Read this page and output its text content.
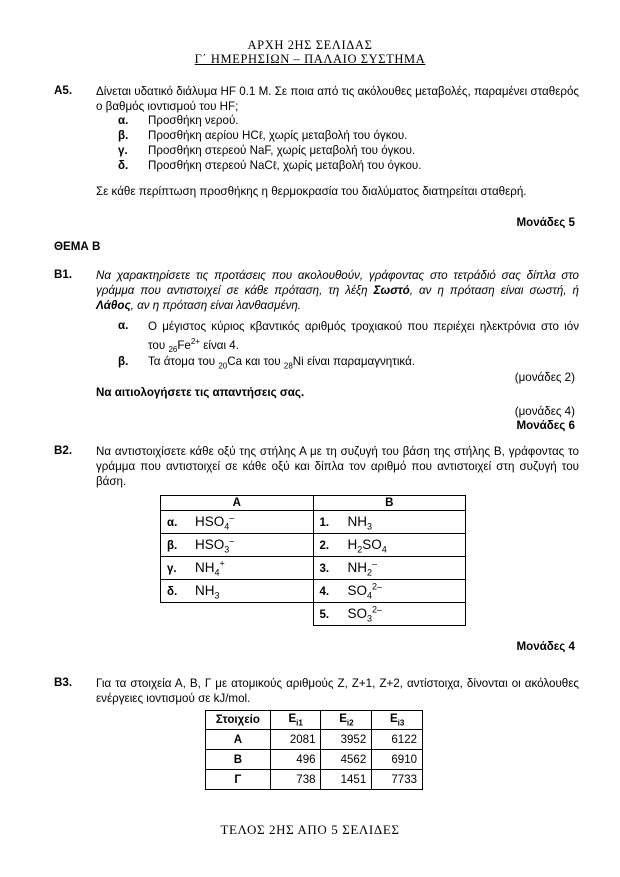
ΑΡΧΗ 2ΗΣ ΣΕΛΙΔΑΣ
Γ΄ ΗΜΕΡΗΣΙΩΝ – ΠΑΛΑΙΟ ΣΥΣΤΗΜΑ
Α5. Δίνεται υδατικό διάλυμα HF 0.1 M. Σε ποια από τις ακόλουθες μεταβολές, παραμένει σταθερός ο βαθμός ιοντισμού του HF;
α. Προσθήκη νερού.
β. Προσθήκη αερίου HCℓ, χωρίς μεταβολή του όγκου.
γ. Προσθήκη στερεού NaF, χωρίς μεταβολή του όγκου.
δ. Προσθήκη στερεού NaCℓ, χωρίς μεταβολή του όγκου.
Σε κάθε περίπτωση προσθήκης η θερμοκρασία του διαλύματος διατηρείται σταθερή.
Μονάδες 5
ΘΕΜΑ Β
Β1. Να χαρακτηρίσετε τις προτάσεις που ακολουθούν, γράφοντας στο τετράδιό σας δίπλα στο γράμμα που αντιστοιχεί σε κάθε πρόταση, τη λέξη Σωστό, αν η πρόταση είναι σωστή, ή Λάθος, αν η πρόταση είναι λανθασμένη.
α. Ο μέγιστος κύριος κβαντικός αριθμός τροχιακού που περιέχει ηλεκτρόνια στο ιόν του $_{26}Fe^{2+}$ είναι 4.
β. Τα άτομα του $_{20}$Ca και του $_{28}$Ni είναι παραμαγνητικά.
(μονάδες 2)
Να αιτιολογήσετε τις απαντήσεις σας.
(μονάδες 4)
Μονάδες 6
Β2. Να αντιστοιχίσετε κάθε οξύ της στήλης Α με τη συζυγή του βάση της στήλης Β, γράφοντας το γράμμα που αντιστοιχεί σε κάθε οξύ και δίπλα τον αριθμό που αντιστοιχεί στη συζυγή του βάση.
Α	Β
α. $HSO_4^-$	1. $NH_3$
β. $HSO_3^-$	2. $H_2SO_4$
γ. $NH_4^+$	3. $NH_2^-$
δ. $NH_3$	4. $SO_4^{2-}$
	5. $SO_3^{2-}$
Μονάδες 4
Β3. Για τα στοιχεία Α, Β, Γ με ατομικούς αριθμούς Ζ, Ζ+1, Ζ+2, αντίστοιχα, δίνονται οι ακόλουθες ενέργειες ιοντισμού σε kJ/mol.
Στοιχείο	$E_{i1}$	$E_{i2}$	$E_{i3}$
Α	2081	3952	6122
Β	496	4562	6910
Γ	738	1451	7733
ΤΕΛΟΣ 2ΗΣ ΑΠΟ 5 ΣΕΛΙΔΕΣ
